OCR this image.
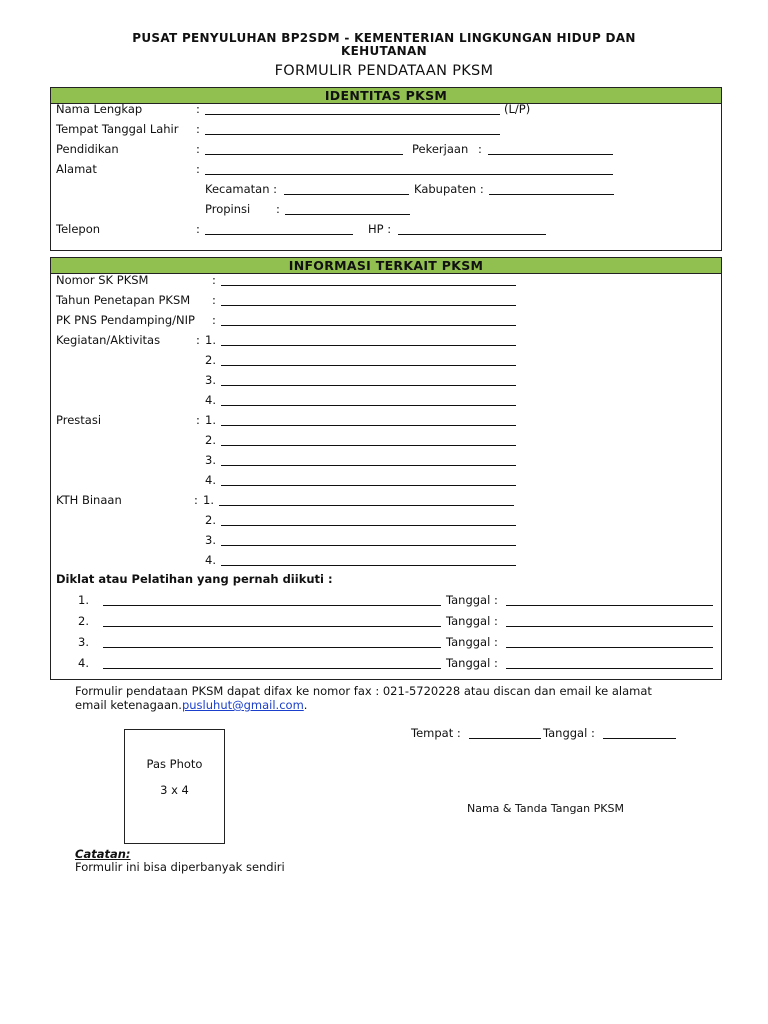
PUSAT PENYULUHAN BP2SDM - KEMENTERIAN LINGKUNGAN HIDUP DAN KEHUTANAN
FORMULIR PENDATAAN PKSM
IDENTITAS PKSM
Nama Lengkap	:	(L/P)
Tempat Tanggal Lahir :
Pendidikan	:	Pekerjaan :
Alamat	:
Kecamatan :	Kabupaten :
Propinsi :
Telepon	:	HP :
INFORMASI TERKAIT PKSM
Nomor SK PKSM	:
Tahun Penetapan PKSM :
PK PNS Pendamping/NIP :
Kegiatan/Aktivitas	: 1.
2.
3.
4.
Prestasi	: 1.
2.
3.
4.
KTH Binaan	: 1.
2.
3.
4.
Diklat atau Pelatihan yang pernah diikuti :
1.	Tanggal :
2.	Tanggal :
3.	Tanggal :
4.	Tanggal :
Formulir pendataan PKSM dapat difax ke nomor fax : 021-5720228 atau discan dan email ke alamat
email ketenagaan.pusluhut@gmail.com.
Tempat :	Tanggal :
Pas Photo
3 x 4
Nama & Tanda Tangan PKSM
Catatan:
Formulir ini bisa diperbanyak sendiri
